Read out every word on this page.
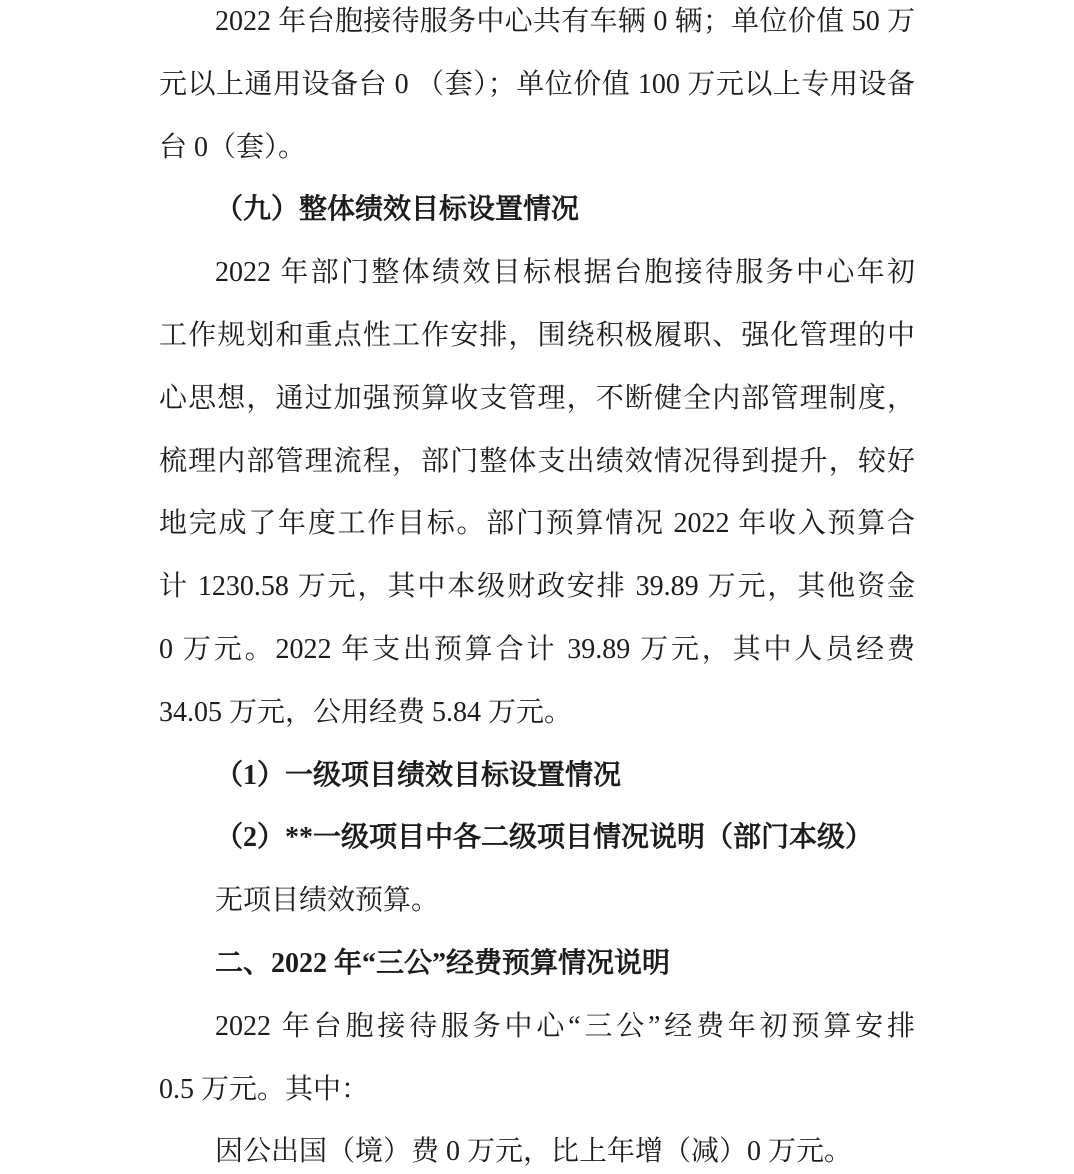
2022 年台胞接待服务中心共有车辆 0 辆；单位价值 50 万
元以上通用设备台 0 （套）；单位价值 100 万元以上专用设备
台 0（套）。
（九）整体绩效目标设置情况
2022 年部门整体绩效目标根据台胞接待服务中心年初
工作规划和重点性工作安排，围绕积极履职、强化管理的中
心思想，通过加强预算收支管理，不断健全内部管理制度，
梳理内部管理流程，部门整体支出绩效情况得到提升，较好
地完成了年度工作目标。部门预算情况 2022 年收入预算合
计 1230.58 万元，其中本级财政安排 39.89 万元，其他资金
0 万元。2022 年支出预算合计 39.89 万元，其中人员经费
34.05 万元，公用经费 5.84 万元。
（1）一级项目绩效目标设置情况
（2）**一级项目中各二级项目情况说明（部门本级）
无项目绩效预算。
二、2022 年“三公”经费预算情况说明
2022 年台胞接待服务中心“三公”经费年初预算安排
0.5 万元。其中：
因公出国（境）费 0 万元，比上年增（减）0 万元。
